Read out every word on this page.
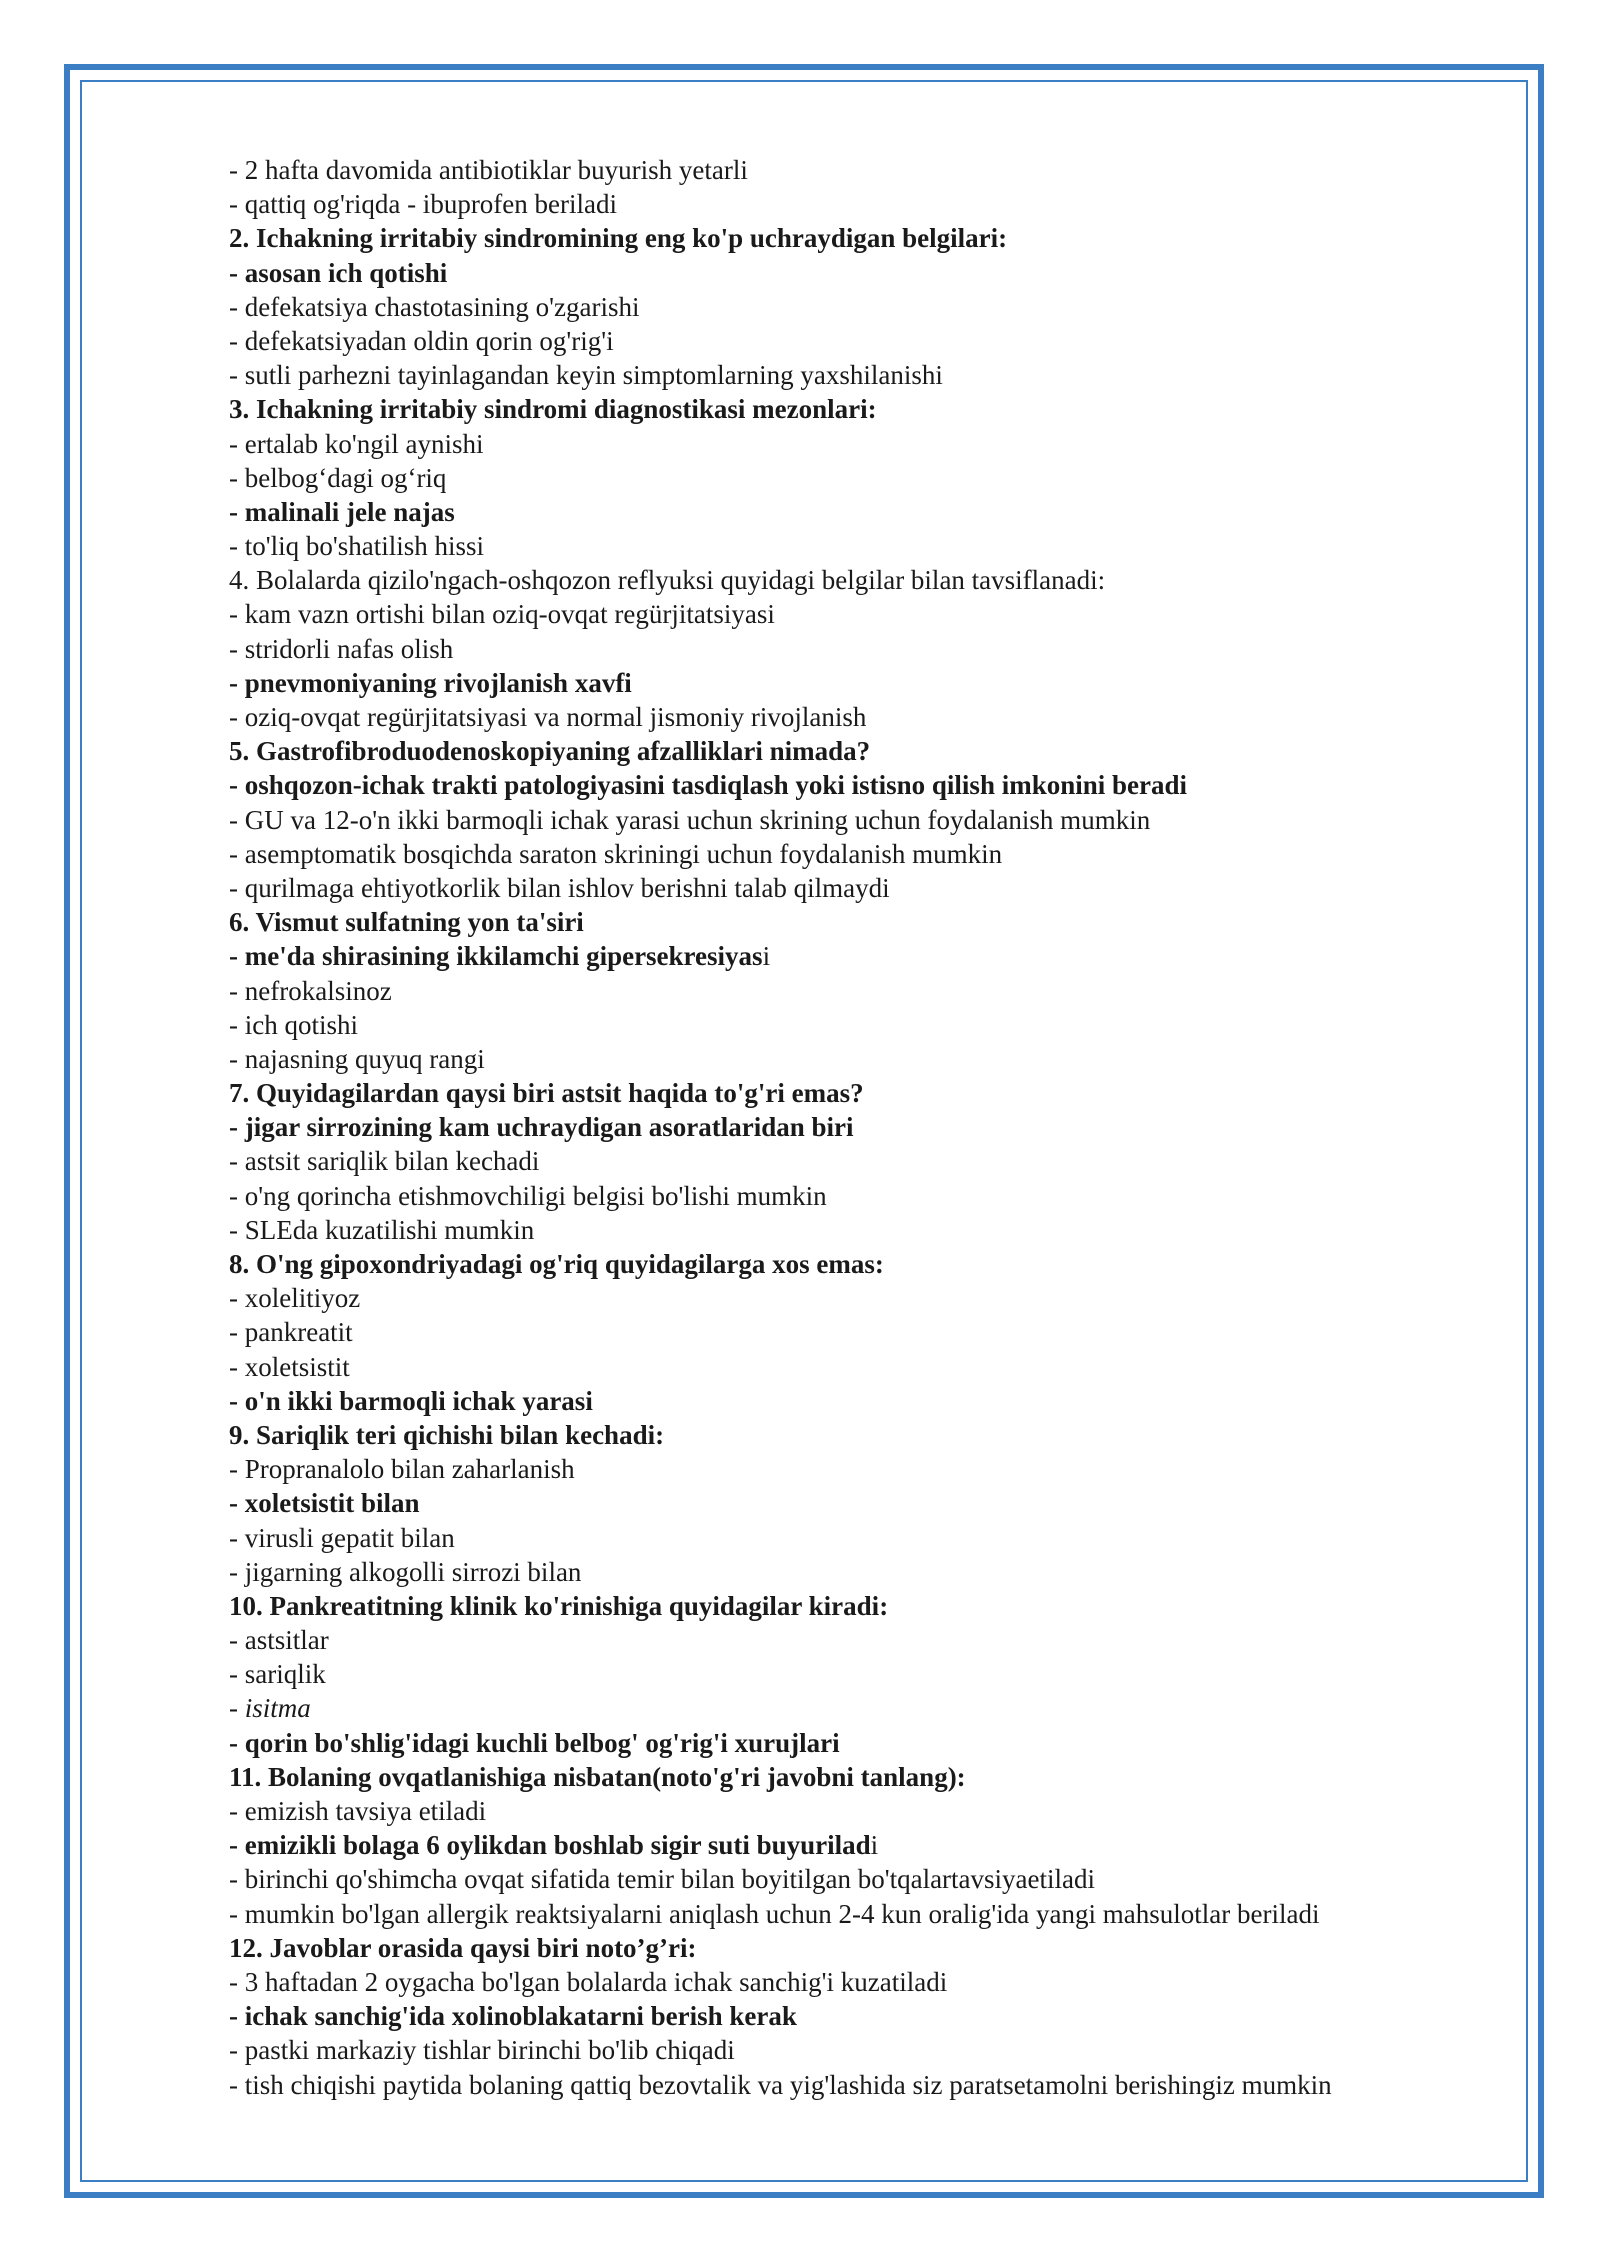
- 2 hafta davomida antibiotiklar buyurish yetarli
- qattiq og'riqda - ibuprofen beriladi
2. Ichakning irritabiy sindromining eng ko'p uchraydigan belgilari:
- asosan ich qotishi
- defekatsiya chastotasining o'zgarishi
- defekatsiyadan oldin qorin og'rig'i
- sutli parhezni tayinlagandan keyin simptomlarning yaxshilanishi
3. Ichakning irritabiy sindromi diagnostikasi mezonlari:
- ertalab ko'ngil aynishi
- belbog‘dagi og‘riq
- malinali jele najas
- to'liq bo'shatilish hissi
4. Bolalarda qizilo'ngach-oshqozon reflyuksi quyidagi belgilar bilan tavsiflanadi:
- kam vazn ortishi bilan oziq-ovqat regürjitatsiyasi
- stridorli nafas olish
- pnevmoniyaning rivojlanish xavfi
- oziq-ovqat regürjitatsiyasi va normal jismoniy rivojlanish
5. Gastrofibroduodenoskopiyaning afzalliklari nimada?
- oshqozon-ichak trakti patologiyasini tasdiqlash yoki istisno qilish imkonini beradi
- GU va 12-o'n ikki barmoqli ichak yarasi uchun skrining uchun foydalanish mumkin
- asemptomatik bosqichda saraton skriningi uchun foydalanish mumkin
- qurilmaga ehtiyotkorlik bilan ishlov berishni talab qilmaydi
6. Vismut sulfatning yon ta'siri
- me'da shirasining ikkilamchi gipersekresiyasi
- nefrokalsinoz
- ich qotishi
- najasning quyuq rangi
7. Quyidagilardan qaysi biri astsit haqida to'g'ri emas?
- jigar sirrozining kam uchraydigan asoratlaridan biri
- astsit sariqlik bilan kechadi
- o'ng qorincha etishmovchiligi belgisi bo'lishi mumkin
- SLEda kuzatilishi mumkin
8. O'ng gipoxondriyadagi og'riq quyidagilarga xos emas:
- xolelitiyoz
- pankreatit
- xoletsistit
- o'n ikki barmoqli ichak yarasi
9. Sariqlik teri qichishi bilan kechadi:
- Propranalolo bilan zaharlanish
- xoletsistit bilan
- virusli gepatit bilan
- jigarning alkogolli sirrozi bilan
10. Pankreatitning klinik ko'rinishiga quyidagilar kiradi:
- astsitlar
- sariqlik
- isitma
- qorin bo'shlig'idagi kuchli belbog' og'rig'i xurujlari
11. Bolaning ovqatlanishiga nisbatan(noto'g'ri javobni tanlang):
- emizish tavsiya etiladi
- emizikli bolaga 6 oylikdan boshlab sigir suti buyuriladi
- birinchi qo'shimcha ovqat sifatida temir bilan boyitilgan bo'tqalartavsiyaetiladi
- mumkin bo'lgan allergik reaktsiyalarni aniqlash uchun 2-4 kun oralig'ida yangi mahsulotlar beriladi
12. Javoblar orasida qaysi biri noto’g’ri:
- 3 haftadan 2 oygacha bo'lgan bolalarda ichak sanchig'i kuzatiladi
- ichak sanchig'ida xolinoblakatarni berish kerak
- pastki markaziy tishlar birinchi bo'lib chiqadi
- tish chiqishi paytida bolaning qattiq bezovtalik va yig'lashida siz paratsetamolni berishingiz mumkin
